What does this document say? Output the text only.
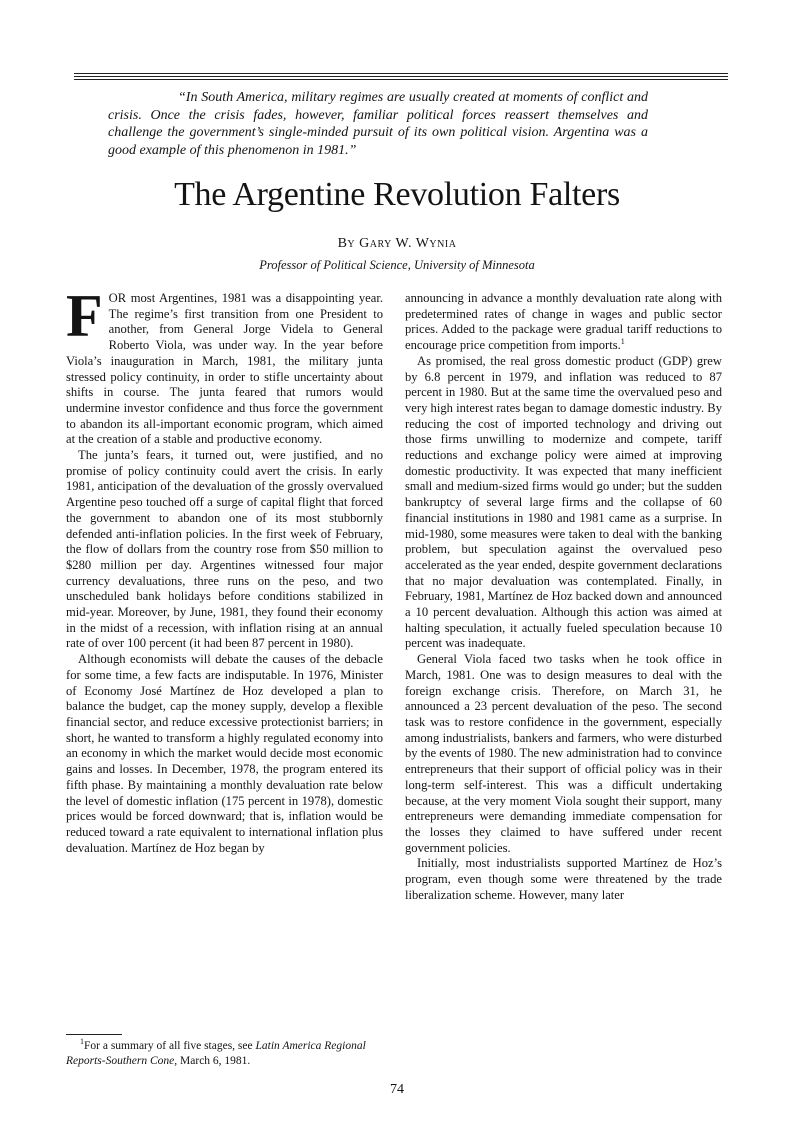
“In South America, military regimes are usually created at moments of conflict and crisis. Once the crisis fades, however, familiar political forces reassert themselves and challenge the government’s single-minded pursuit of its own political vision. Argentina was a good example of this phenomenon in 1981.”

The Argentine Revolution Falters
By Gary W. Wynia
Professor of Political Science, University of Minnesota

FOR most Argentines, 1981 was a disappointing year. The regime’s first transition from one President to another, from General Jorge Videla to General Roberto Viola, was under way. In the year before Viola’s inauguration in March, 1981, the military junta stressed policy continuity, in order to stifle uncertainty about shifts in course. The junta feared that rumors would undermine investor confidence and thus force the government to abandon its all-important economic program, which aimed at the creation of a stable and productive economy.

The junta’s fears, it turned out, were justified, and no promise of policy continuity could avert the crisis. In early 1981, anticipation of the devaluation of the grossly overvalued Argentine peso touched off a surge of capital flight that forced the government to abandon one of its most stubbornly defended anti-inflation policies. In the first week of February, the flow of dollars from the country rose from $50 million to $280 million per day. Argentines witnessed four major currency devaluations, three runs on the peso, and two unscheduled bank holidays before conditions stabilized in mid-year. Moreover, by June, 1981, they found their economy in the midst of a recession, with inflation rising at an annual rate of over 100 percent (it had been 87 percent in 1980).

Although economists will debate the causes of the debacle for some time, a few facts are indisputable. In 1976, Minister of Economy José Martínez de Hoz developed a plan to balance the budget, cap the money supply, develop a flexible financial sector, and reduce excessive protectionist barriers; in short, he wanted to transform a highly regulated economy into an economy in which the market would decide most economic gains and losses. In December, 1978, the program entered its fifth phase. By maintaining a monthly devaluation rate below the level of domestic inflation (175 percent in 1978), domestic prices would be forced downward; that is, inflation would be reduced toward a rate equivalent to international inflation plus devaluation. Martínez de Hoz began by

announcing in advance a monthly devaluation rate along with predetermined rates of change in wages and public sector prices. Added to the package were gradual tariff reductions to encourage price competition from imports.$^1$

As promised, the real gross domestic product (GDP) grew by 6.8 percent in 1979, and inflation was reduced to 87 percent in 1980. But at the same time the overvalued peso and very high interest rates began to damage domestic industry. By reducing the cost of imported technology and driving out those firms unwilling to modernize and compete, tariff reductions and exchange policy were aimed at improving domestic productivity. It was expected that many inefficient small and medium-sized firms would go under; but the sudden bankruptcy of several large firms and the collapse of 60 financial institutions in 1980 and 1981 came as a surprise. In mid-1980, some measures were taken to deal with the banking problem, but speculation against the overvalued peso accelerated as the year ended, despite government declarations that no major devaluation was contemplated. Finally, in February, 1981, Martínez de Hoz backed down and announced a 10 percent devaluation. Although this action was aimed at halting speculation, it actually fueled speculation because 10 percent was inadequate.

General Viola faced two tasks when he took office in March, 1981. One was to design measures to deal with the foreign exchange crisis. Therefore, on March 31, he announced a 23 percent devaluation of the peso. The second task was to restore confidence in the government, especially among industrialists, bankers and farmers, who were disturbed by the events of 1980. The new administration had to convince entrepreneurs that their support of official policy was in their long-term self-interest. This was a difficult undertaking because, at the very moment Viola sought their support, many entrepreneurs were demanding immediate compensation for the losses they claimed to have suffered under recent government policies.

Initially, most industrialists supported Martínez de Hoz’s program, even though some were threatened by the trade liberalization scheme. However, many later

$^1$For a summary of all five stages, see Latin America Regional Reports-Southern Cone, March 6, 1981.

74
